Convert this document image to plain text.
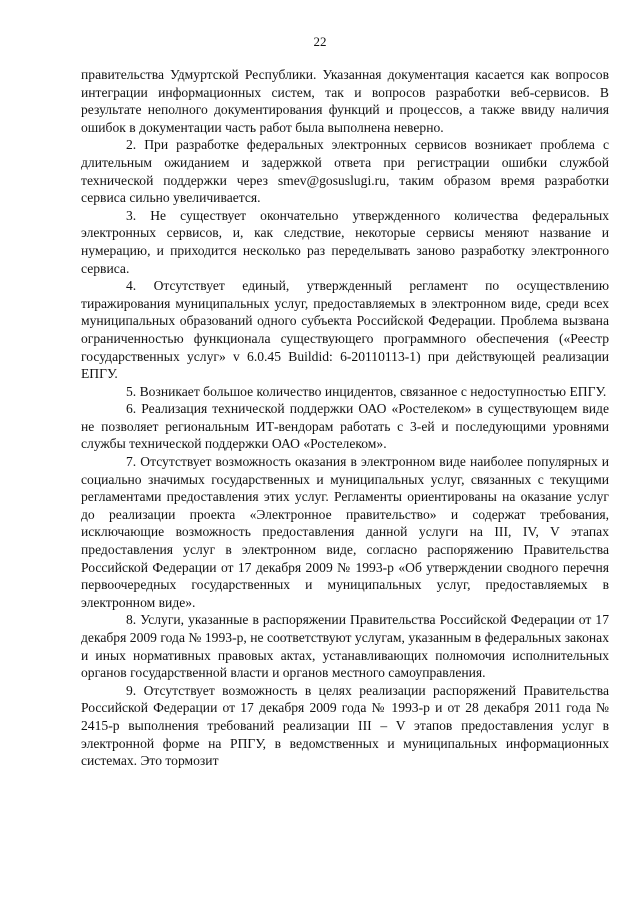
22

правительства Удмуртской Республики. Указанная документация касается как вопросов интеграции информационных систем, так и вопросов разработки веб-сервисов. В результате неполного документирования функций и процессов, а также ввиду наличия ошибок в документации часть работ была выполнена неверно.

2. При разработке федеральных электронных сервисов возникает проблема с длительным ожиданием и задержкой ответа при регистрации ошибки службой технической поддержки через smev@gosuslugi.ru, таким образом время разработки сервиса сильно увеличивается.

3. Не существует окончательно утвержденного количества федеральных электронных сервисов, и, как следствие, некоторые сервисы меняют название и нумерацию, и приходится несколько раз переделывать заново разработку электронного сервиса.

4. Отсутствует единый, утвержденный регламент по осуществлению тиражирования муниципальных услуг, предоставляемых в электронном виде, среди всех муниципальных образований одного субъекта Российской Федерации. Проблема вызвана ограниченностью функционала существующего программного обеспечения («Реестр государственных услуг» v 6.0.45 Buildid: 6-20110113-1) при действующей реализации ЕПГУ.

5. Возникает большое количество инцидентов, связанное с недоступностью ЕПГУ.

6. Реализация технической поддержки ОАО «Ростелеком» в существующем виде не позволяет региональным ИТ-вендорам работать с 3-ей и последующими уровнями службы технической поддержки ОАО «Ростелеком».

7. Отсутствует возможность оказания в электронном виде наиболее популярных и социально значимых государственных и муниципальных услуг, связанных с текущими регламентами предоставления этих услуг. Регламенты ориентированы на оказание услуг до реализации проекта «Электронное правительство» и содержат требования, исключающие возможность предоставления данной услуги на III, IV, V этапах предоставления услуг в электронном виде, согласно распоряжению Правительства Российской Федерации от 17 декабря 2009 № 1993-р «Об утверждении сводного перечня первоочередных государственных и муниципальных услуг, предоставляемых в электронном виде».

8. Услуги, указанные в распоряжении Правительства Российской Федерации от 17 декабря 2009 года № 1993-р, не соответствуют услугам, указанным в федеральных законах и иных нормативных правовых актах, устанавливающих полномочия исполнительных органов государственной власти и органов местного самоуправления.

9. Отсутствует возможность в целях реализации распоряжений Правительства Российской Федерации от 17 декабря 2009 года № 1993-р и от 28 декабря 2011 года № 2415-р выполнения требований реализации III – V этапов предоставления услуг в электронной форме на РПГУ, в ведомственных и муниципальных информационных системах. Это тормозит
